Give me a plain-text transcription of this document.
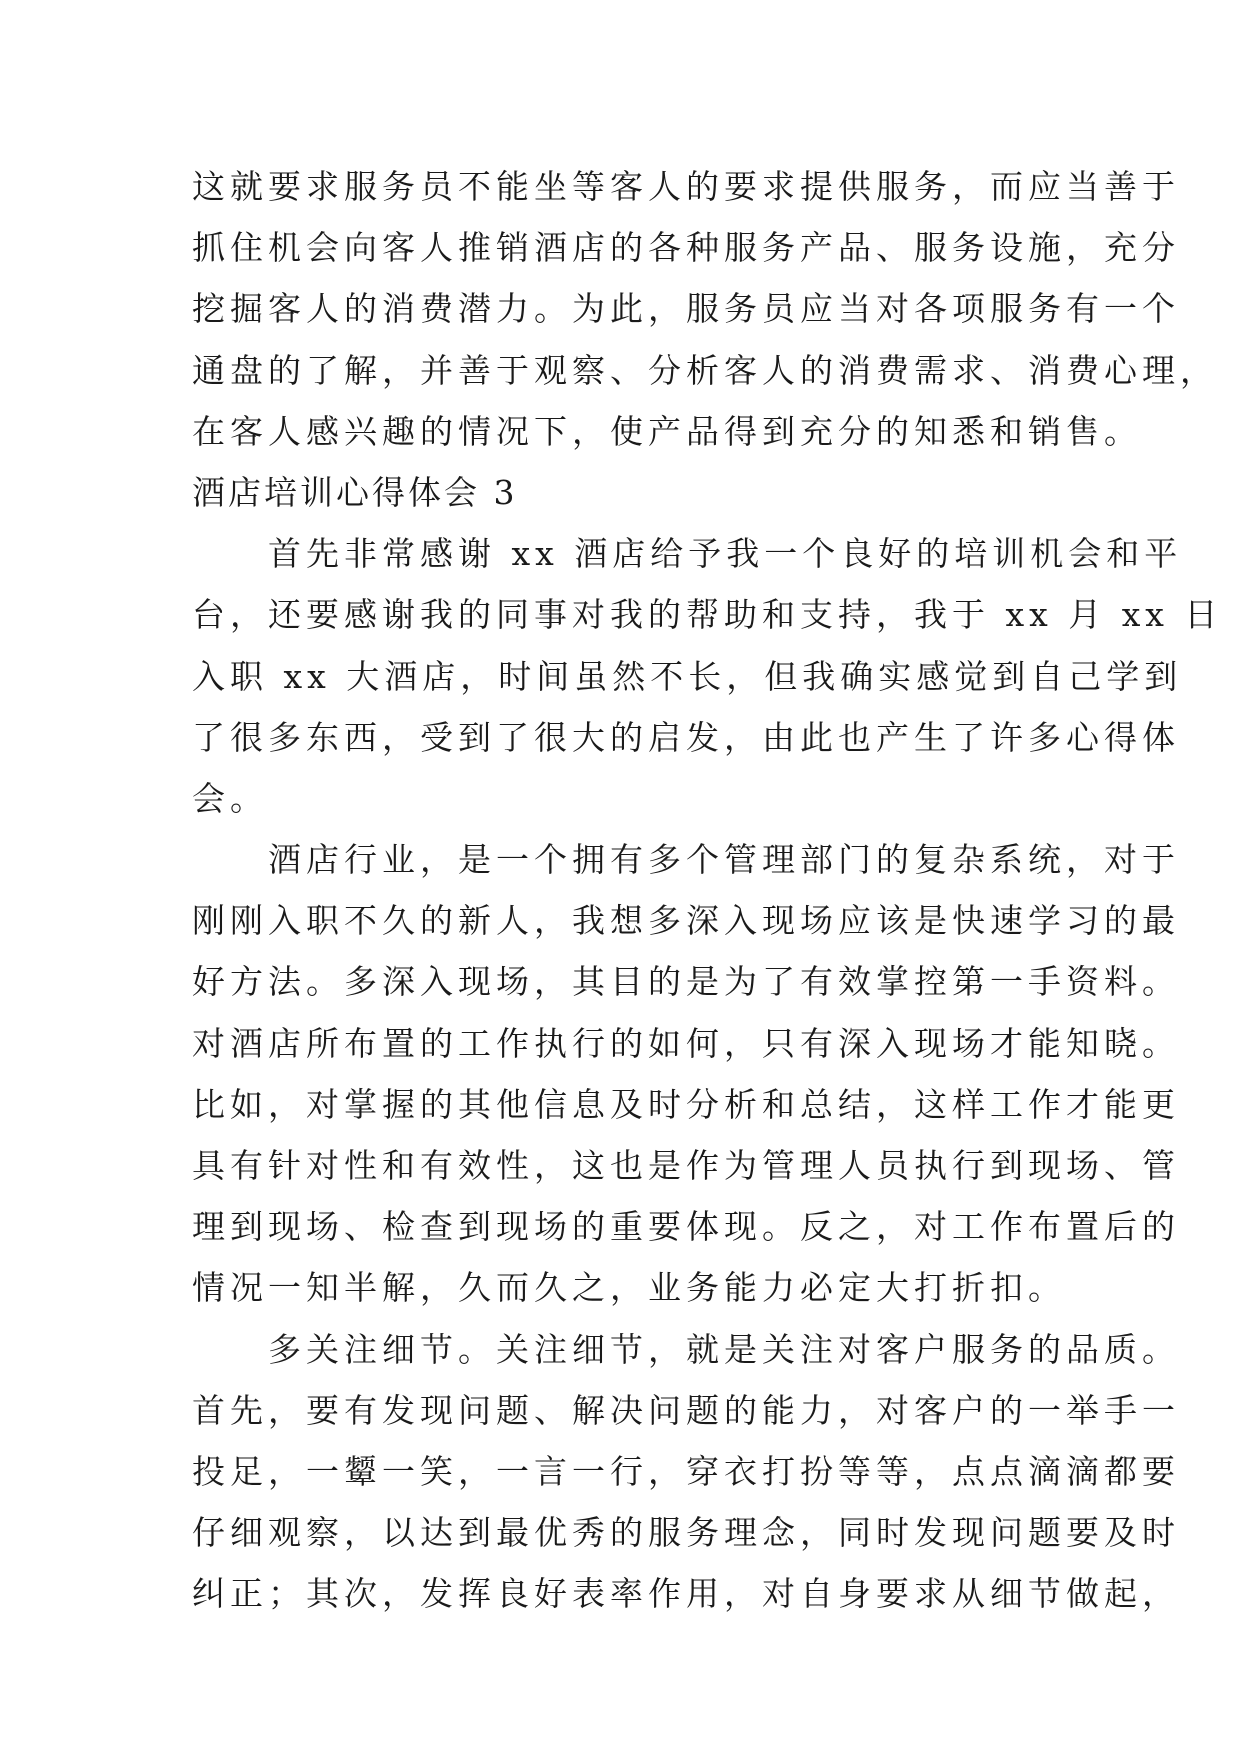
这就要求服务员不能坐等客人的要求提供服务，而应当善于
抓住机会向客人推销酒店的各种服务产品、服务设施，充分
挖掘客人的消费潜力。为此，服务员应当对各项服务有一个
通盘的了解，并善于观察、分析客人的消费需求、消费心理，
在客人感兴趣的情况下，使产品得到充分的知悉和销售。
酒店培训心得体会 3
　　首先非常感谢 xx 酒店给予我一个良好的培训机会和平
台，还要感谢我的同事对我的帮助和支持，我于 xx 月 xx 日
入职 xx 大酒店，时间虽然不长，但我确实感觉到自己学到
了很多东西，受到了很大的启发，由此也产生了许多心得体
会。
　　酒店行业，是一个拥有多个管理部门的复杂系统，对于
刚刚入职不久的新人，我想多深入现场应该是快速学习的最
好方法。多深入现场，其目的是为了有效掌控第一手资料。
对酒店所布置的工作执行的如何，只有深入现场才能知晓。
比如，对掌握的其他信息及时分析和总结，这样工作才能更
具有针对性和有效性，这也是作为管理人员执行到现场、管
理到现场、检查到现场的重要体现。反之，对工作布置后的
情况一知半解，久而久之，业务能力必定大打折扣。
　　多关注细节。关注细节，就是关注对客户服务的品质。
首先，要有发现问题、解决问题的能力，对客户的一举手一
投足，一颦一笑，一言一行，穿衣打扮等等，点点滴滴都要
仔细观察，以达到最优秀的服务理念，同时发现问题要及时
纠正；其次，发挥良好表率作用，对自身要求从细节做起，
